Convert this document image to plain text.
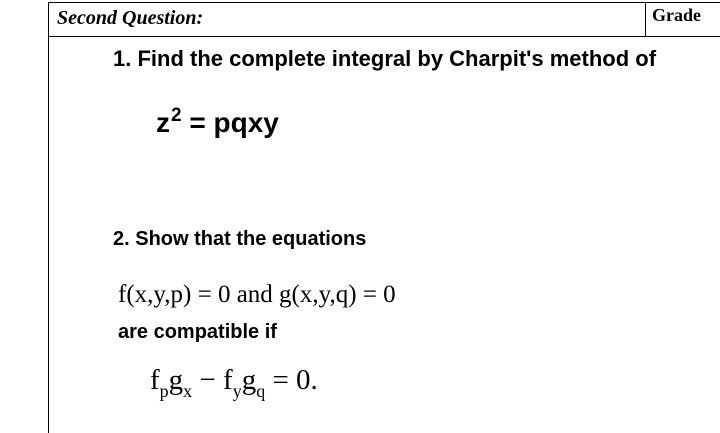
Second Question:	Grade
1. Find the complete integral by Charpit's method of
$z^2$ = pqxy
2. Show that the equations
f(x,y,p) = 0 and g(x,y,q) = 0
are compatible if
$f_pg_x - f_yg_q = 0$.
